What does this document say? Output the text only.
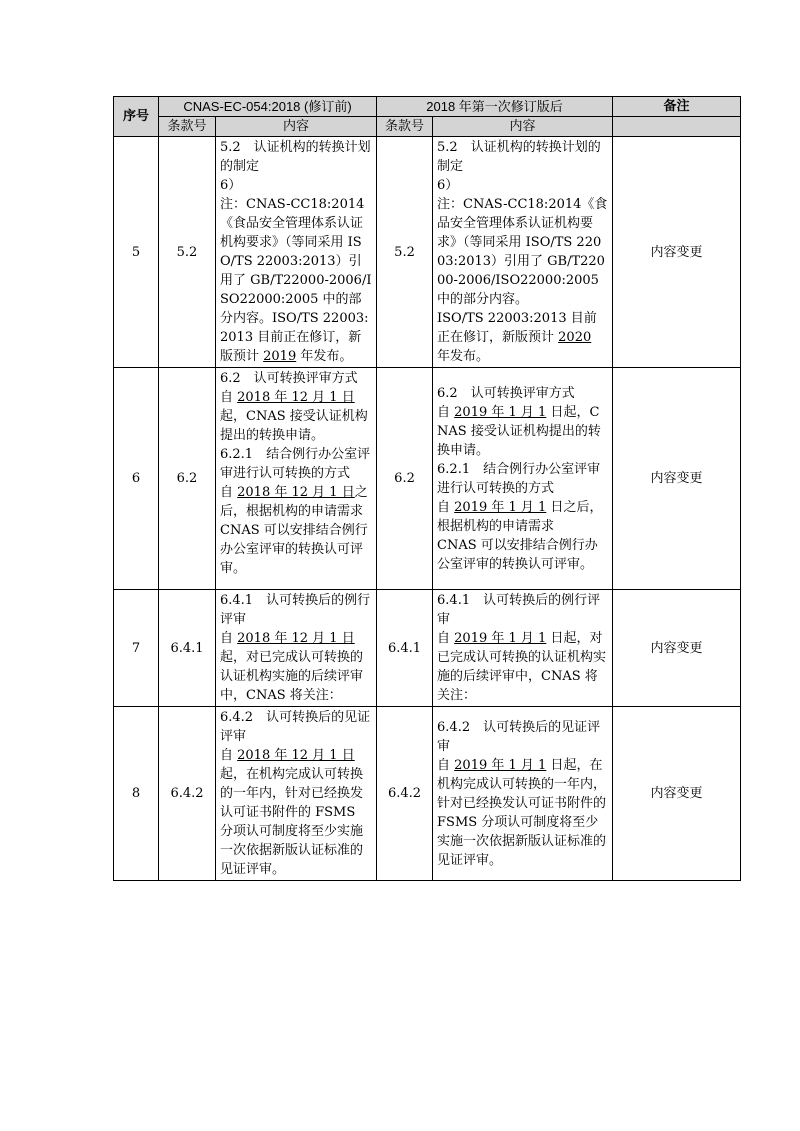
序号	CNAS-EC-054:2018 (修订前)		2018 年第一次修订版后		备注
	条款号	内容	条款号	内容	
5	5.2	5.2　认证机构的转换计划的制定
6）
注：CNAS-CC18:2014《食品安全管理体系认证机构要求》（等同采用 ISO/TS 22003:2013）引用了 GB/T22000-2006/ISO22000:2005 中的部分内容。ISO/TS 22003:2013 目前正在修订，新版预计 2019 年发布。	5.2	5.2　认证机构的转换计划的制定
6）
注：CNAS-CC18:2014《食品安全管理体系认证机构要求》（等同采用 ISO/TS 22003:2013）引用了 GB/T22000-2006/ISO22000:2005 中的部分内容。
ISO/TS 22003:2013 目前正在修订，新版预计 2020 年发布。	内容变更
6	6.2	6.2　认可转换评审方式
自 2018 年 12 月 1 日起，CNAS 接受认证机构提出的转换申请。
6.2.1　结合例行办公室评审进行认可转换的方式
自 2018 年 12 月 1 日之后，根据机构的申请需求 CNAS 可以安排结合例行办公室评审的转换认可评审。	6.2	6.2　认可转换评审方式
自 2019 年 1 月 1 日起，CNAS 接受认证机构提出的转换申请。
6.2.1　结合例行办公室评审进行认可转换的方式
自 2019 年 1 月 1 日之后，根据机构的申请需求
CNAS 可以安排结合例行办公室评审的转换认可评审。	内容变更
7	6.4.1	6.4.1　认可转换后的例行评审
自 2018 年 12 月 1 日起，对已完成认可转换的认证机构实施的后续评审中，CNAS 将关注：	6.4.1	6.4.1　认可转换后的例行评审
自 2019 年 1 月 1 日起，对已完成认可转换的认证机构实施的后续评审中，CNAS 将关注：	内容变更
8	6.4.2	6.4.2　认可转换后的见证评审
自 2018 年 12 月 1 日起，在机构完成认可转换的一年内，针对已经换发认可证书附件的 FSMS 分项认可制度将至少实施一次依据新版认证标准的见证评审。	6.4.2	6.4.2　认可转换后的见证评审
自 2019 年 1 月 1 日起，在机构完成认可转换的一年内，针对已经换发认可证书附件的 FSMS 分项认可制度将至少实施一次依据新版认证标准的见证评审。	内容变更
